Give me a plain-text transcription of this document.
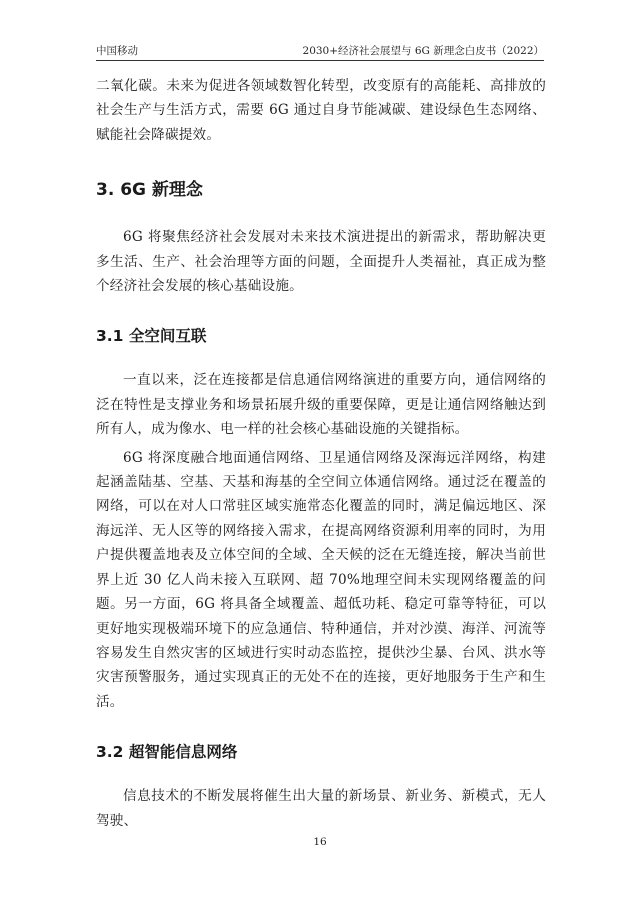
中国移动	2030+经济社会展望与 6G 新理念白皮书（2022）

二氧化碳。未来为促进各领域数智化转型，改变原有的高能耗、高排放的社会生产与生活方式，需要 6G 通过自身节能减碳、建设绿色生态网络、赋能社会降碳提效。

3. 6G 新理念

6G 将聚焦经济社会发展对未来技术演进提出的新需求，帮助解决更多生活、生产、社会治理等方面的问题，全面提升人类福祉，真正成为整个经济社会发展的核心基础设施。

3.1 全空间互联

一直以来，泛在连接都是信息通信网络演进的重要方向，通信网络的泛在特性是支撑业务和场景拓展升级的重要保障，更是让通信网络触达到所有人，成为像水、电一样的社会核心基础设施的关键指标。

6G 将深度融合地面通信网络、卫星通信网络及深海远洋网络，构建起涵盖陆基、空基、天基和海基的全空间立体通信网络。通过泛在覆盖的网络，可以在对人口常驻区域实施常态化覆盖的同时，满足偏远地区、深海远洋、无人区等的网络接入需求，在提高网络资源利用率的同时，为用户提供覆盖地表及立体空间的全域、全天候的泛在无缝连接，解决当前世界上近 30 亿人尚未接入互联网、超 70%地理空间未实现网络覆盖的问题。另一方面，6G 将具备全域覆盖、超低功耗、稳定可靠等特征，可以更好地实现极端环境下的应急通信、特种通信，并对沙漠、海洋、河流等容易发生自然灾害的区域进行实时动态监控，提供沙尘暴、台风、洪水等灾害预警服务，通过实现真正的无处不在的连接，更好地服务于生产和生活。

3.2 超智能信息网络

信息技术的不断发展将催生出大量的新场景、新业务、新模式，无人驾驶、

16
